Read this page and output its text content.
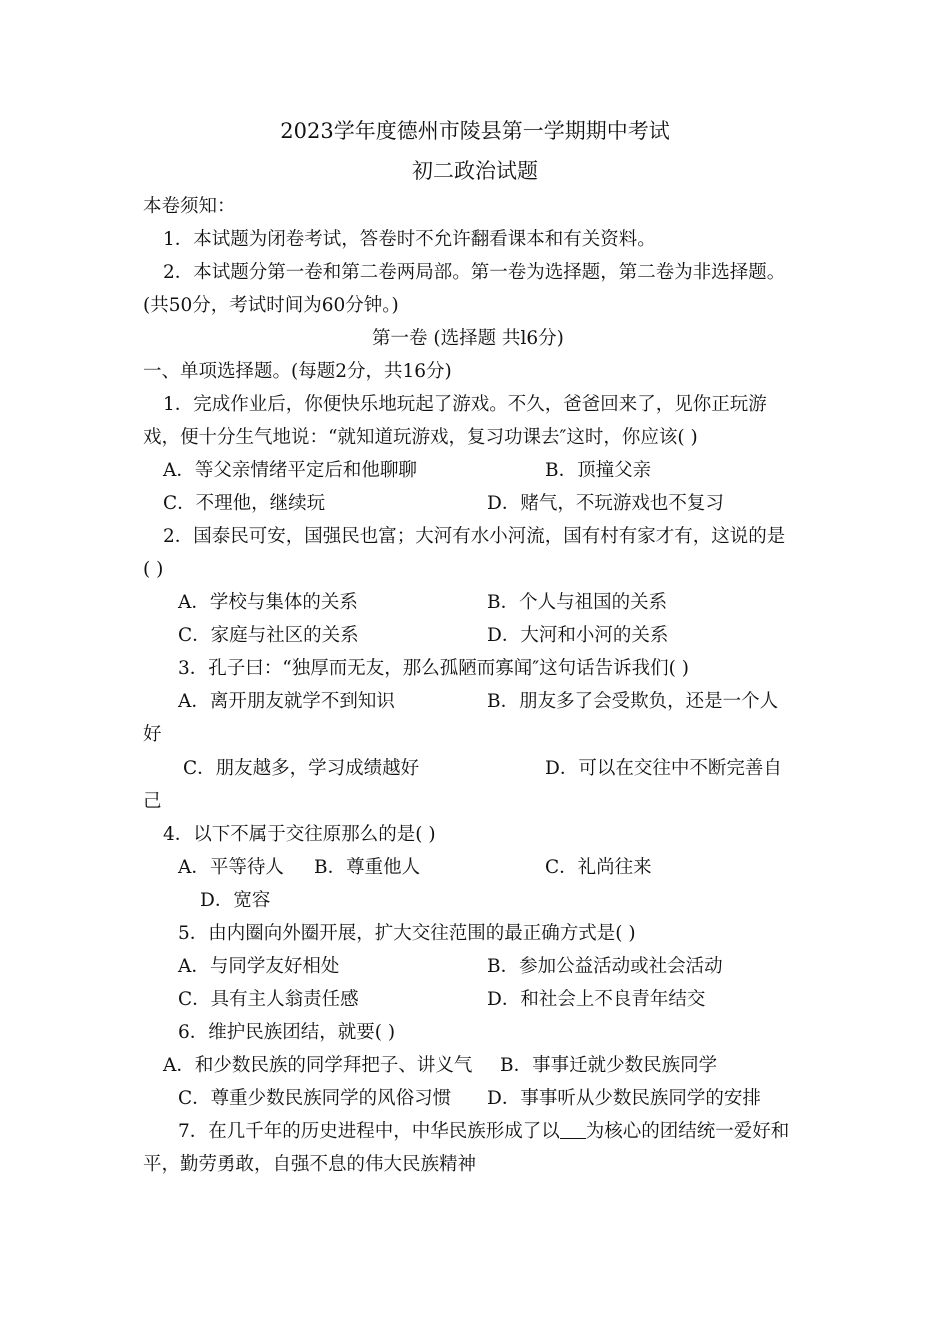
2023学年度德州市陵县第一学期期中考试
初二政治试题
本卷须知：
1．本试题为闭卷考试，答卷时不允许翻看课本和有关资料。
2．本试题分第一卷和第二卷两局部。第一卷为选择题，第二卷为非选择题。
(共50分，考试时间为60分钟。)
第一卷 (选择题 共l6分)
一、单项选择题。(每题2分，共16分)
1．完成作业后，你便快乐地玩起了游戏。不久，爸爸回来了，见你正玩游
戏，便十分生气地说：“就知道玩游戏，复习功课去″这时，你应该( )
A．等父亲情绪平定后和他聊聊	B．顶撞父亲
C．不理他，继续玩	D．赌气，不玩游戏也不复习
2．国泰民可安，国强民也富；大河有水小河流，国有村有家才有，这说的是
( )
A．学校与集体的关系	B．个人与祖国的关系
C．家庭与社区的关系	D．大河和小河的关系
3．孔子曰：“独厚而无友，那么孤陋而寡闻″这句话告诉我们( )
A．离开朋友就学不到知识	B．朋友多了会受欺负，还是一个人
好
C．朋友越多，学习成绩越好	D．可以在交往中不断完善自
己
4．以下不属于交往原那么的是( )
A．平等待人 B．尊重他人	C．礼尚往来
D．宽容
5．由内圈向外圈开展，扩大交往范围的最正确方式是( )
A．与同学友好相处	B．参加公益活动或社会活动
C．具有主人翁责任感	D．和社会上不良青年结交
6．维护民族团结，就要( )
A．和少数民族的同学拜把子、讲义气 B．事事迁就少数民族同学
C．尊重少数民族同学的风俗习惯 D．事事听从少数民族同学的安排
7．在几千年的历史进程中，中华民族形成了以 为核心的团结统一爱好和
平，勤劳勇敢，自强不息的伟大民族精神
